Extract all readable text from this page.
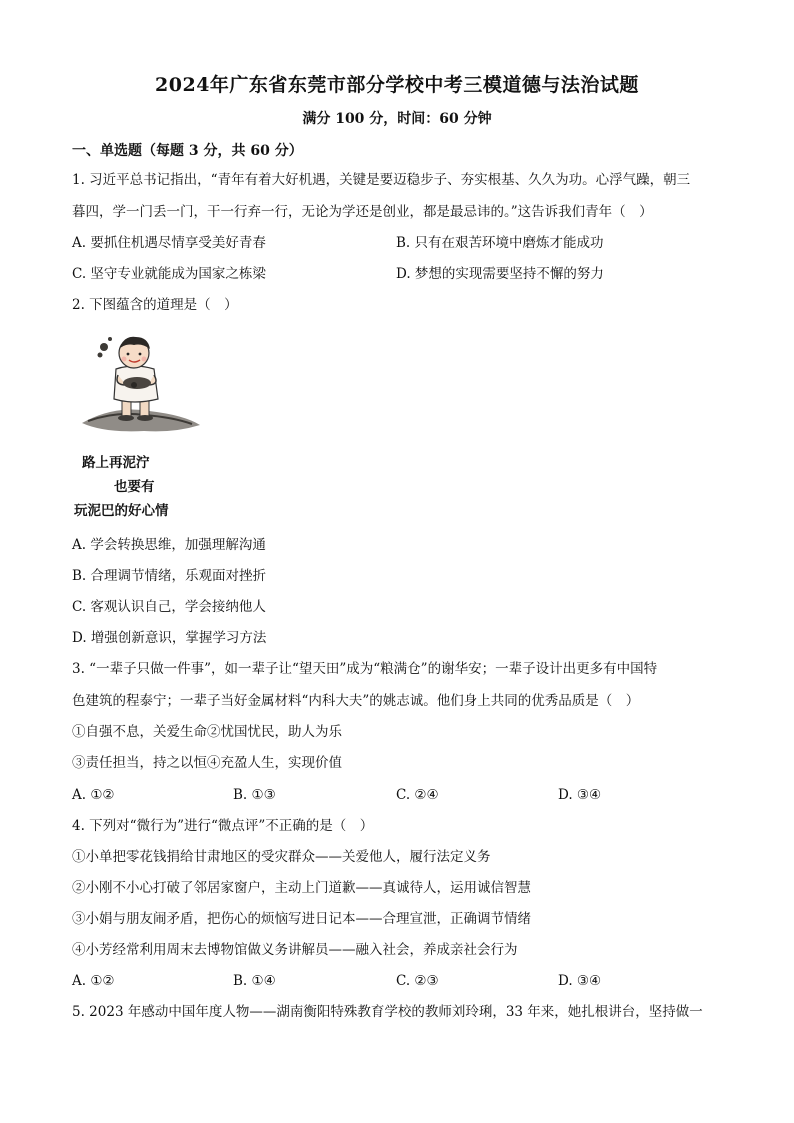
2024年广东省东莞市部分学校中考三模道德与法治试题
满分 100 分，时间：60 分钟
一、单选题（每题 3 分，共 60 分）
1. 习近平总书记指出，“青年有着大好机遇，关键是要迈稳步子、夯实根基、久久为功。心浮气躁，朝三
暮四，学一门丢一门，干一行弃一行，无论为学还是创业，都是最忌讳的。”这告诉我们青年（　）
A. 要抓住机遇尽情享受美好青春	B. 只有在艰苦环境中磨炼才能成功
C. 坚守专业就能成为国家之栋梁	D. 梦想的实现需要坚持不懈的努力
2. 下图蕴含的道理是（　）
路上再泥泞
也要有
玩泥巴的好心情
A. 学会转换思维，加强理解沟通
B. 合理调节情绪，乐观面对挫折
C. 客观认识自己，学会接纳他人
D. 增强创新意识，掌握学习方法
3. “一辈子只做一件事”，如一辈子让“望天田”成为“粮满仓”的谢华安；一辈子设计出更多有中国特
色建筑的程泰宁；一辈子当好金属材料“内科大夫”的姚志诚。他们身上共同的优秀品质是（　）
①自强不息，关爱生命②忧国忧民，助人为乐
③责任担当，持之以恒④充盈人生，实现价值
A. ①②	B. ①③	C. ②④	D. ③④
4. 下列对“微行为”进行“微点评”不正确的是（　）
①小单把零花钱捐给甘肃地区的受灾群众——关爱他人，履行法定义务
②小刚不小心打破了邻居家窗户，主动上门道歉——真诚待人，运用诚信智慧
③小娟与朋友闹矛盾，把伤心的烦恼写进日记本——合理宣泄，正确调节情绪
④小芳经常利用周末去博物馆做义务讲解员——融入社会，养成亲社会行为
A. ①②	B. ①④	C. ②③	D. ③④
5. 2023 年感动中国年度人物——湖南衡阳特殊教育学校的教师刘玲琍，33 年来，她扎根讲台，坚持做一
